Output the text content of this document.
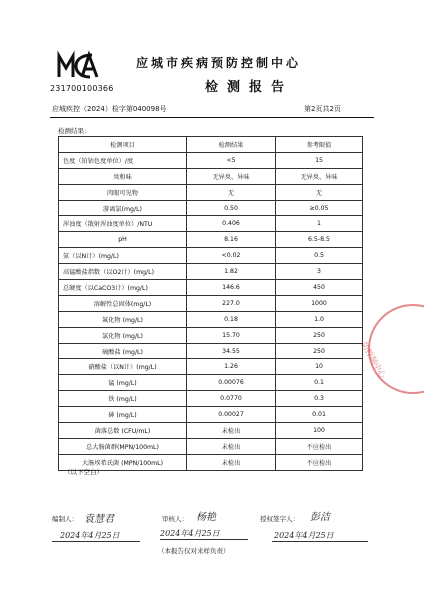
231700100366
应城市疾病预防控制中心
检测报告
应城疾控（2024）检字第040098号	第2页共2页
检测结果：
检测项目	检测结果	参考限值
色度（铂钴色度单位）/度	<5	15
臭和味	无异臭、异味	无异臭、异味
肉眼可见物	无	无
游离氯(mg/L)	0.50	≥0.05
浑浊度（散射浑浊度单位）/NTU	0.406	1
pH	8.16	6.5-8.5
氨（以N计）(mg/L)	<0.02	0.5
高锰酸盐指数（以O2计）(mg/L)	1.82	3
总硬度（以CaCO3计）(mg/L)	146.6	450
溶解性总固体(mg/L)	227.0	1000
氟化物 (mg/L)	0.18	1.0
氯化物 (mg/L)	15.70	250
硫酸盐 (mg/L)	34.55	250
硝酸盐（以N计）(mg/L)	1.26	10
锰 (mg/L)	0.00076	0.1
铁 (mg/L)	0.0770	0.3
砷 (mg/L)	0.00027	0.01
菌落总数 (CFU/mL)	未检出	100
总大肠菌群(MPN/100mL)	未检出	不应检出
大肠埃希氏菌 (MPN/100mL)	未检出	不应检出
（以下空白）
编制人： 袁慧君
2024年4月25日
审核人： 杨艳
2024年4月25日
授权签字人： 彭洁
2024年4月25日
（本报告仅对来样负责）
防控制中心
